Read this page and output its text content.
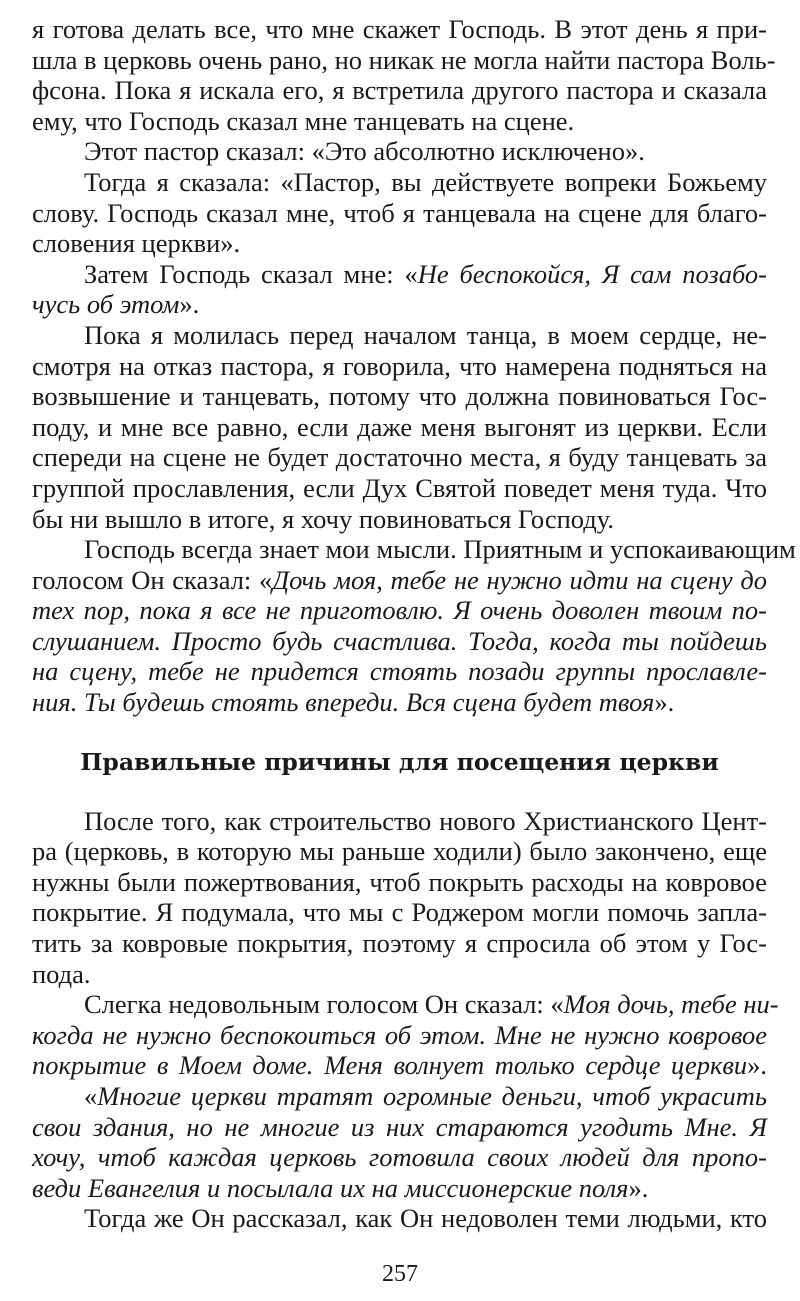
я готова делать все, что мне скажет Господь. В этот день я при-
шла в церковь очень рано, но никак не могла найти пастора Воль-
фсона. Пока я искала его, я встретила другого пастора и сказала
ему, что Господь сказал мне танцевать на сцене.
Этот пастор сказал: «Это абсолютно исключено».
Тогда я сказала: «Пастор, вы действуете вопреки Божьему
слову. Господь сказал мне, чтоб я танцевала на сцене для благо-
словения церкви».
Затем Господь сказал мне: «Не беспокойся, Я сам позабо-
чусь об этом».
Пока я молилась перед началом танца, в моем сердце, не-
смотря на отказ пастора, я говорила, что намерена подняться на
возвышение и танцевать, потому что должна повиноваться Гос-
поду, и мне все равно, если даже меня выгонят из церкви. Если
спереди на сцене не будет достаточно места, я буду танцевать за
группой прославления, если Дух Святой поведет меня туда. Что
бы ни вышло в итоге, я хочу повиноваться Господу.
Господь всегда знает мои мысли. Приятным и успокаивающим
голосом Он сказал: «Дочь моя, тебе не нужно идти на сцену до
тех пор, пока я все не приготовлю. Я очень доволен твоим по-
слушанием. Просто будь счастлива. Тогда, когда ты пойдешь
на сцену, тебе не придется стоять позади группы прославле-
ния. Ты будешь стоять впереди. Вся сцена будет твоя».
Правильные причины для посещения церкви
После того, как строительство нового Христианского Цент-
ра (церковь, в которую мы раньше ходили) было закончено, еще
нужны были пожертвования, чтоб покрыть расходы на ковровое
покрытие. Я подумала, что мы с Роджером могли помочь запла-
тить за ковровые покрытия, поэтому я спросила об этом у Гос-
пода.
Слегка недовольным голосом Он сказал: «Моя дочь, тебе ни-
когда не нужно беспокоиться об этом. Мне не нужно ковровое
покрытие в Моем доме. Меня волнует только сердце церкви».
«Многие церкви тратят огромные деньги, чтоб украсить
свои здания, но не многие из них стараются угодить Мне. Я
хочу, чтоб каждая церковь готовила своих людей для пропо-
веди Евангелия и посылала их на миссионерские поля».
Тогда же Он рассказал, как Он недоволен теми людьми, кто
257
